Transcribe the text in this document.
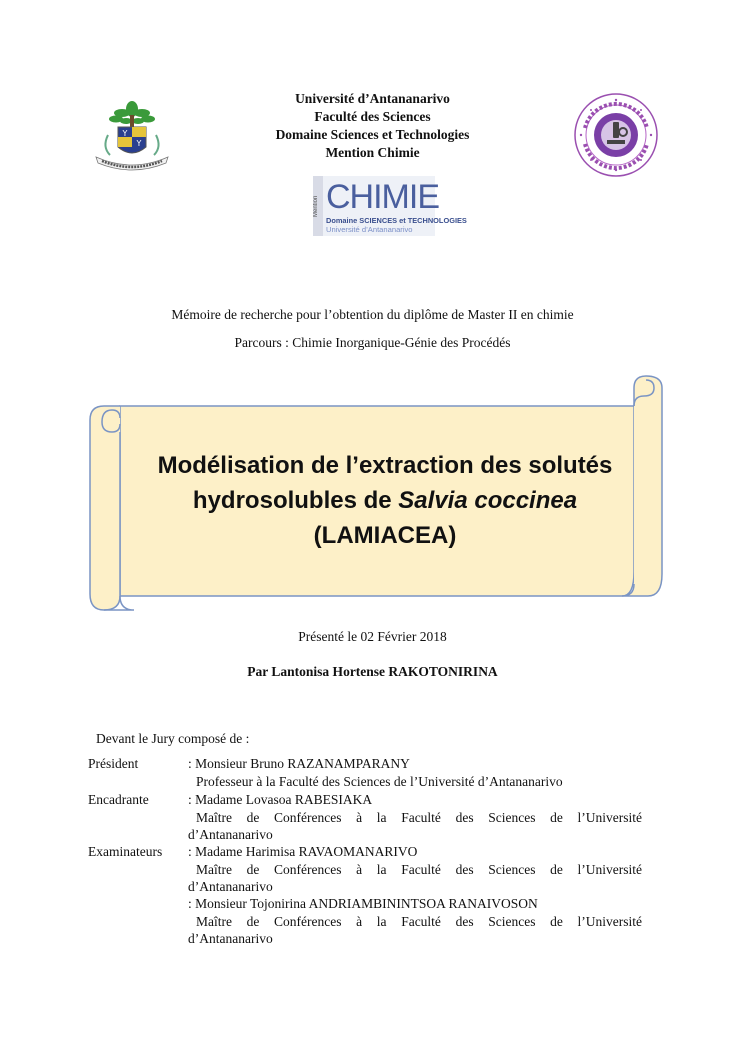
Université d’Antananarivo
Faculté des Sciences
Domaine Sciences et Technologies
Mention Chimie
Y
Y
Mention CHIMIE
Domaine SCIENCES et TECHNOLOGIES
Université d’Antananarivo
Mémoire de recherche pour l’obtention du diplôme de Master II en chimie
Parcours : Chimie Inorganique-Génie des Procédés
Modélisation de l’extraction des solutés hydrosolubles de Salvia coccinea (LAMIACEA)
Présenté le 02 Février 2018
Par Lantonisa Hortense RAKOTONIRINA
Devant le Jury composé de :
Président	: Monsieur Bruno RAZANAMPARANY
Professeur à la Faculté des Sciences de l’Université d’Antananarivo
Encadrante	: Madame Lovasoa RABESIAKA
Maître de Conférences à la Faculté des Sciences de l’Université
d’Antananarivo
Examinateurs : Madame Harimisa RAVAOMANARIVO
Maître de Conférences à la Faculté des Sciences de l’Université
d’Antananarivo
: Monsieur Tojonirina ANDRIAMBININTSOA RANAIVOSON
Maître de Conférences à la Faculté des Sciences de l’Université
d’Antananarivo
